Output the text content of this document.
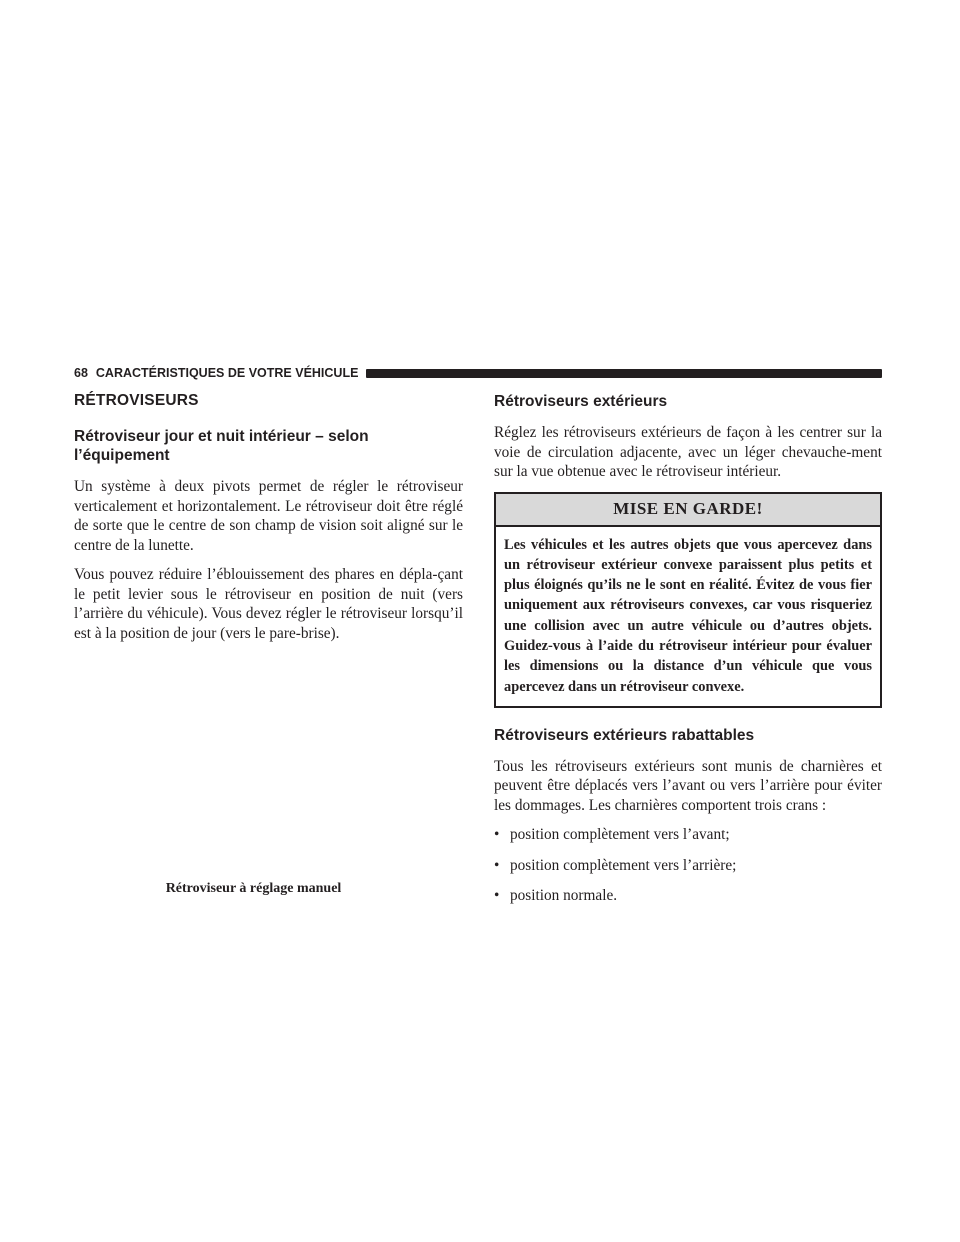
68 CARACTÉRISTIQUES DE VOTRE VÉHICULE
RÉTROVISEURS
Rétroviseur jour et nuit intérieur – selon l’équipement

Un système à deux pivots permet de régler le rétroviseur verticalement et horizontalement. Le rétroviseur doit être réglé de sorte que le centre de son champ de vision soit aligné sur le centre de la lunette.

Vous pouvez réduire l’éblouissement des phares en dépla-çant le petit levier sous le rétroviseur en position de nuit (vers l’arrière du véhicule). Vous devez régler le rétroviseur lorsqu’il est à la position de jour (vers le pare-brise).

Rétroviseur à réglage manuel
Rétroviseurs extérieurs

Réglez les rétroviseurs extérieurs de façon à les centrer sur la voie de circulation adjacente, avec un léger chevauche-ment sur la vue obtenue avec le rétroviseur intérieur.

MISE EN GARDE!
Les véhicules et les autres objets que vous apercevez dans un rétroviseur extérieur convexe paraissent plus petits et plus éloignés qu’ils ne le sont en réalité. Évitez de vous fier uniquement aux rétroviseurs convexes, car vous risqueriez une collision avec un autre véhicule ou d’autres objets. Guidez-vous à l’aide du rétroviseur intérieur pour évaluer les dimensions ou la distance d’un véhicule que vous apercevez dans un rétroviseur convexe.
Rétroviseurs extérieurs rabattables

Tous les rétroviseurs extérieurs sont munis de charnières et peuvent être déplacés vers l’avant ou vers l’arrière pour éviter les dommages. Les charnières comportent trois crans :

• position complètement vers l’avant;
• position complètement vers l’arrière;
• position normale.
